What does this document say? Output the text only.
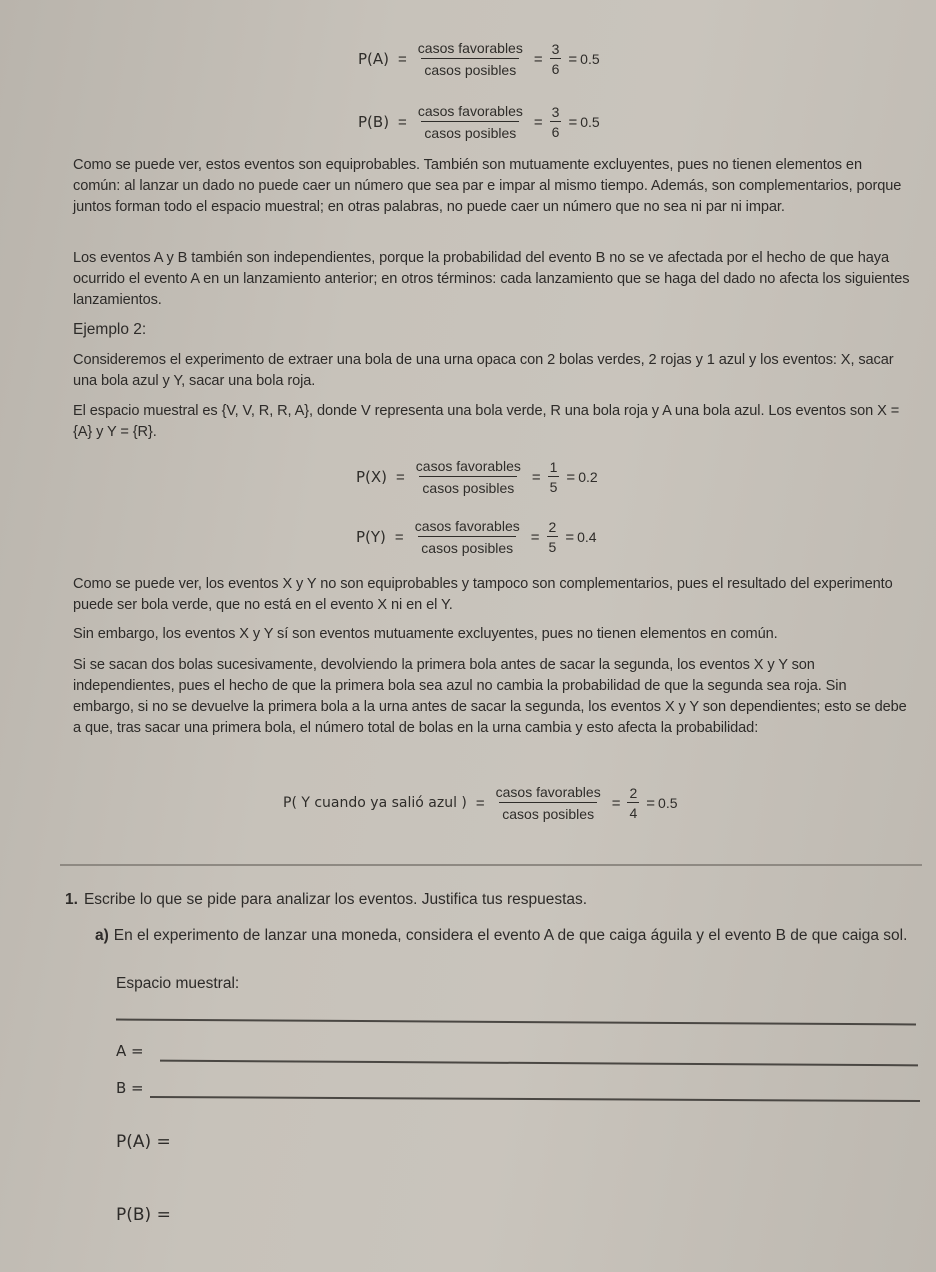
$P(A) = \frac{\text{casos favorables}}{\text{casos posibles}} = \frac{3}{6} = 0.5$
$P(B) = \frac{\text{casos favorables}}{\text{casos posibles}} = \frac{3}{6} = 0.5$
Como se puede ver, estos eventos son equiprobables. También son mutuamente excluyentes, pues no tienen elementos en común: al lanzar un dado no puede caer un número que sea par e impar al mismo tiempo. Además, son complementarios, porque juntos forman todo el espacio muestral; en otras palabras, no puede caer un número que no sea ni par ni impar.
Los eventos A y B también son independientes, porque la probabilidad del evento B no se ve afectada por el hecho de que haya ocurrido el evento A en un lanzamiento anterior; en otros términos: cada lanzamiento que se haga del dado no afecta los siguientes lanzamientos.
Ejemplo 2:
Consideremos el experimento de extraer una bola de una urna opaca con 2 bolas verdes, 2 rojas y 1 azul y los eventos: X, sacar una bola azul y Y, sacar una bola roja.
El espacio muestral es {V, V, R, R, A}, donde V representa una bola verde, R una bola roja y A una bola azul. Los eventos son X = {A} y Y = {R}.
$P(X) = \frac{\text{casos favorables}}{\text{casos posibles}} = \frac{1}{5} = 0.2$
$P(Y) = \frac{\text{casos favorables}}{\text{casos posibles}} = \frac{2}{5} = 0.4$
Como se puede ver, los eventos X y Y no son equiprobables y tampoco son complementarios, pues el resultado del experimento puede ser bola verde, que no está en el evento X ni en el Y.
Sin embargo, los eventos X y Y sí son eventos mutuamente excluyentes, pues no tienen elementos en común.
Si se sacan dos bolas sucesivamente, devolviendo la primera bola antes de sacar la segunda, los eventos X y Y son independientes, pues el hecho de que la primera bola sea azul no cambia la probabilidad de que la segunda sea roja. Sin embargo, si no se devuelve la primera bola a la urna antes de sacar la segunda, los eventos X y Y son dependientes; esto se debe a que, tras sacar una primera bola, el número total de bolas en la urna cambia y esto afecta la probabilidad:
P( Y cuando ya salió azul ) = $\frac{\text{casos favorables}}{\text{casos posibles}} = \frac{2}{4} = 0.5$
1. Escribe lo que se pide para analizar los eventos. Justifica tus respuestas.
a) En el experimento de lanzar una moneda, considera el evento A de que caiga águila y el evento B de que caiga sol.
Espacio muestral:
A =
B =
P(A) =
P(B) =
